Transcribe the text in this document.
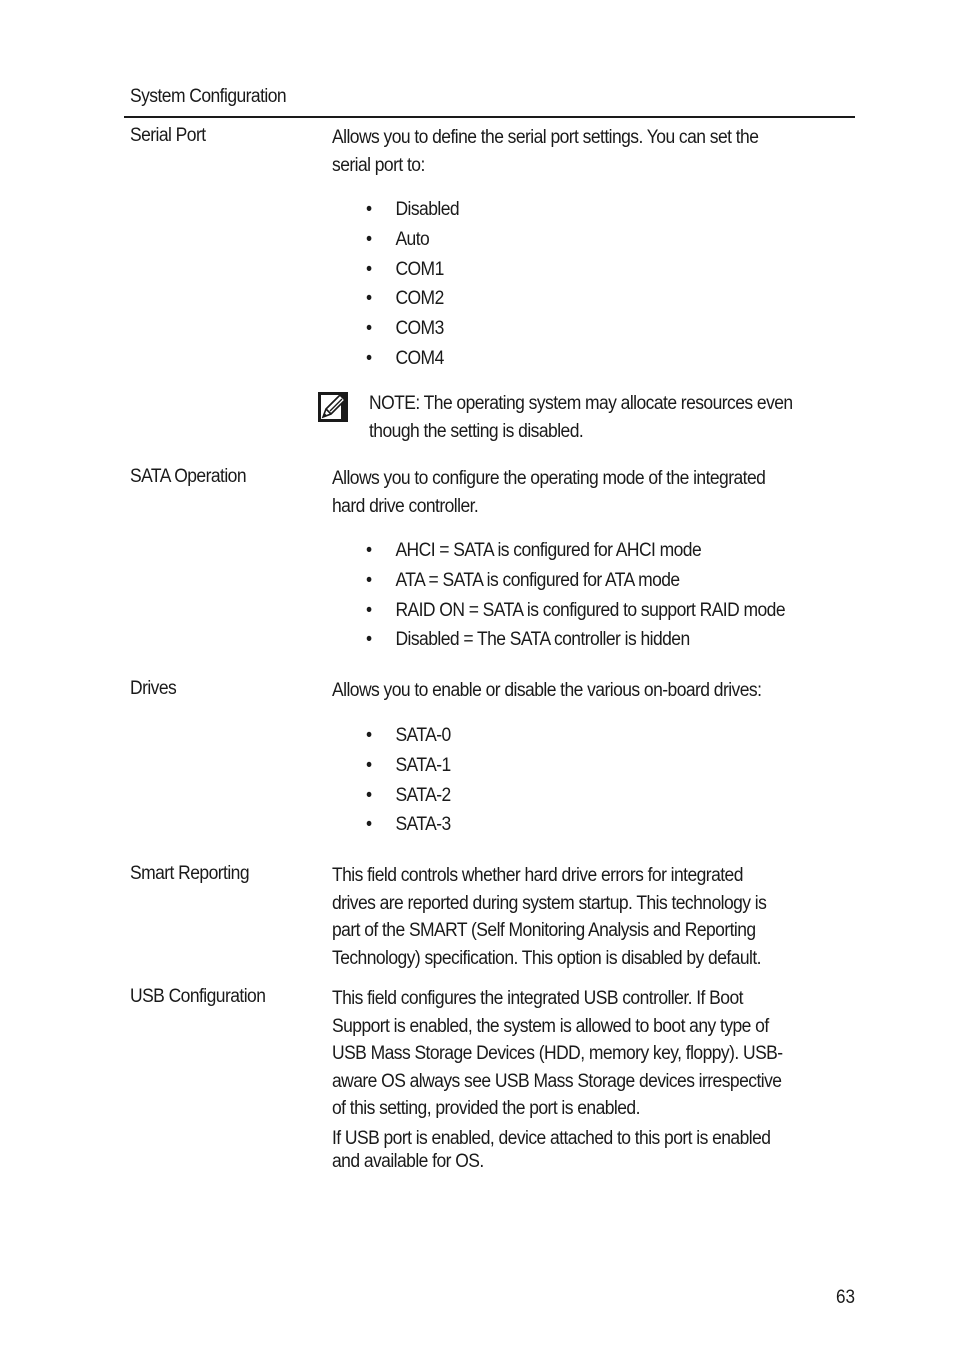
System Configuration
Serial Port	Allows you to define the serial port settings. You can set the
serial port to:
•	Disabled
•	Auto
•	COM1
•	COM2
•	COM3
•	COM4
NOTE: The operating system may allocate resources even
though the setting is disabled.
SATA Operation	Allows you to configure the operating mode of the integrated
hard drive controller.
•	AHCI = SATA is configured for AHCI mode
•	ATA = SATA is configured for ATA mode
•	RAID ON = SATA is configured to support RAID mode
•	Disabled = The SATA controller is hidden
Drives	Allows you to enable or disable the various on-board drives:
•	SATA-0
•	SATA-1
•	SATA-2
•	SATA-3
Smart Reporting	This field controls whether hard drive errors for integrated
drives are reported during system startup. This technology is
part of the SMART (Self Monitoring Analysis and Reporting
Technology) specification. This option is disabled by default.
USB Configuration	This field configures the integrated USB controller. If Boot
Support is enabled, the system is allowed to boot any type of
USB Mass Storage Devices (HDD, memory key, floppy). USB-
aware OS always see USB Mass Storage devices irrespective
of this setting, provided the port is enabled.
If USB port is enabled, device attached to this port is enabled
and available for OS.
63
